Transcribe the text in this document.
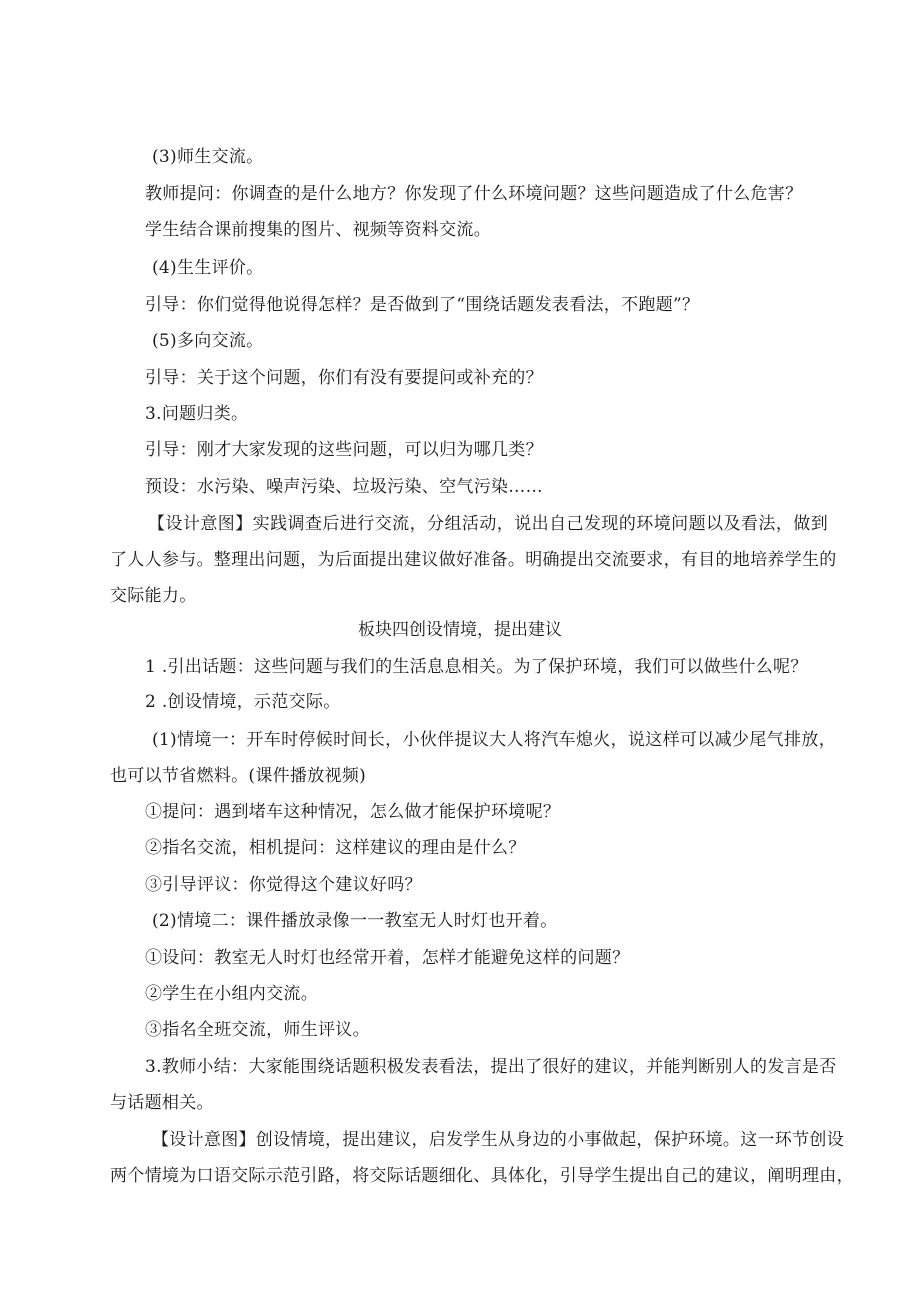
(3)师生交流。
教师提问：你调查的是什么地方？你发现了什么环境问题？这些问题造成了什么危害？
学生结合课前搜集的图片、视频等资料交流。
(4)生生评价。
引导：你们觉得他说得怎样？是否做到了“围绕话题发表看法，不跑题”？
(5)多向交流。
引导：关于这个问题，你们有没有要提问或补充的？
3.问题归类。
引导：刚才大家发现的这些问题，可以归为哪几类？
预设：水污染、噪声污染、垃圾污染、空气污染……
【设计意图】实践调查后进行交流，分组活动，说出自己发现的环境问题以及看法，做到
了人人参与。整理出问题，为后面提出建议做好准备。明确提出交流要求，有目的地培养学生的
交际能力。
板块四创设情境，提出建议
1 .引出话题：这些问题与我们的生活息息相关。为了保护环境，我们可以做些什么呢？
2 .创设情境，示范交际。
(1)情境一：开车时停候时间长，小伙伴提议大人将汽车熄火，说这样可以减少尾气排放，
也可以节省燃料。(课件播放视频)
①提问：遇到堵车这种情况，怎么做才能保护环境呢？
②指名交流，相机提问：这样建议的理由是什么？
③引导评议：你觉得这个建议好吗？
(2)情境二：课件播放录像一一教室无人时灯也开着。
①设问：教室无人时灯也经常开着，怎样才能避免这样的问题？
②学生在小组内交流。
③指名全班交流，师生评议。
3.教师小结：大家能围绕话题积极发表看法，提出了很好的建议，并能判断别人的发言是否
与话题相关。
【设计意图】创设情境，提出建议，启发学生从身边的小事做起，保护环境。这一环节创设
两个情境为口语交际示范引路，将交际话题细化、具体化，引导学生提出自己的建议，阐明理由，
